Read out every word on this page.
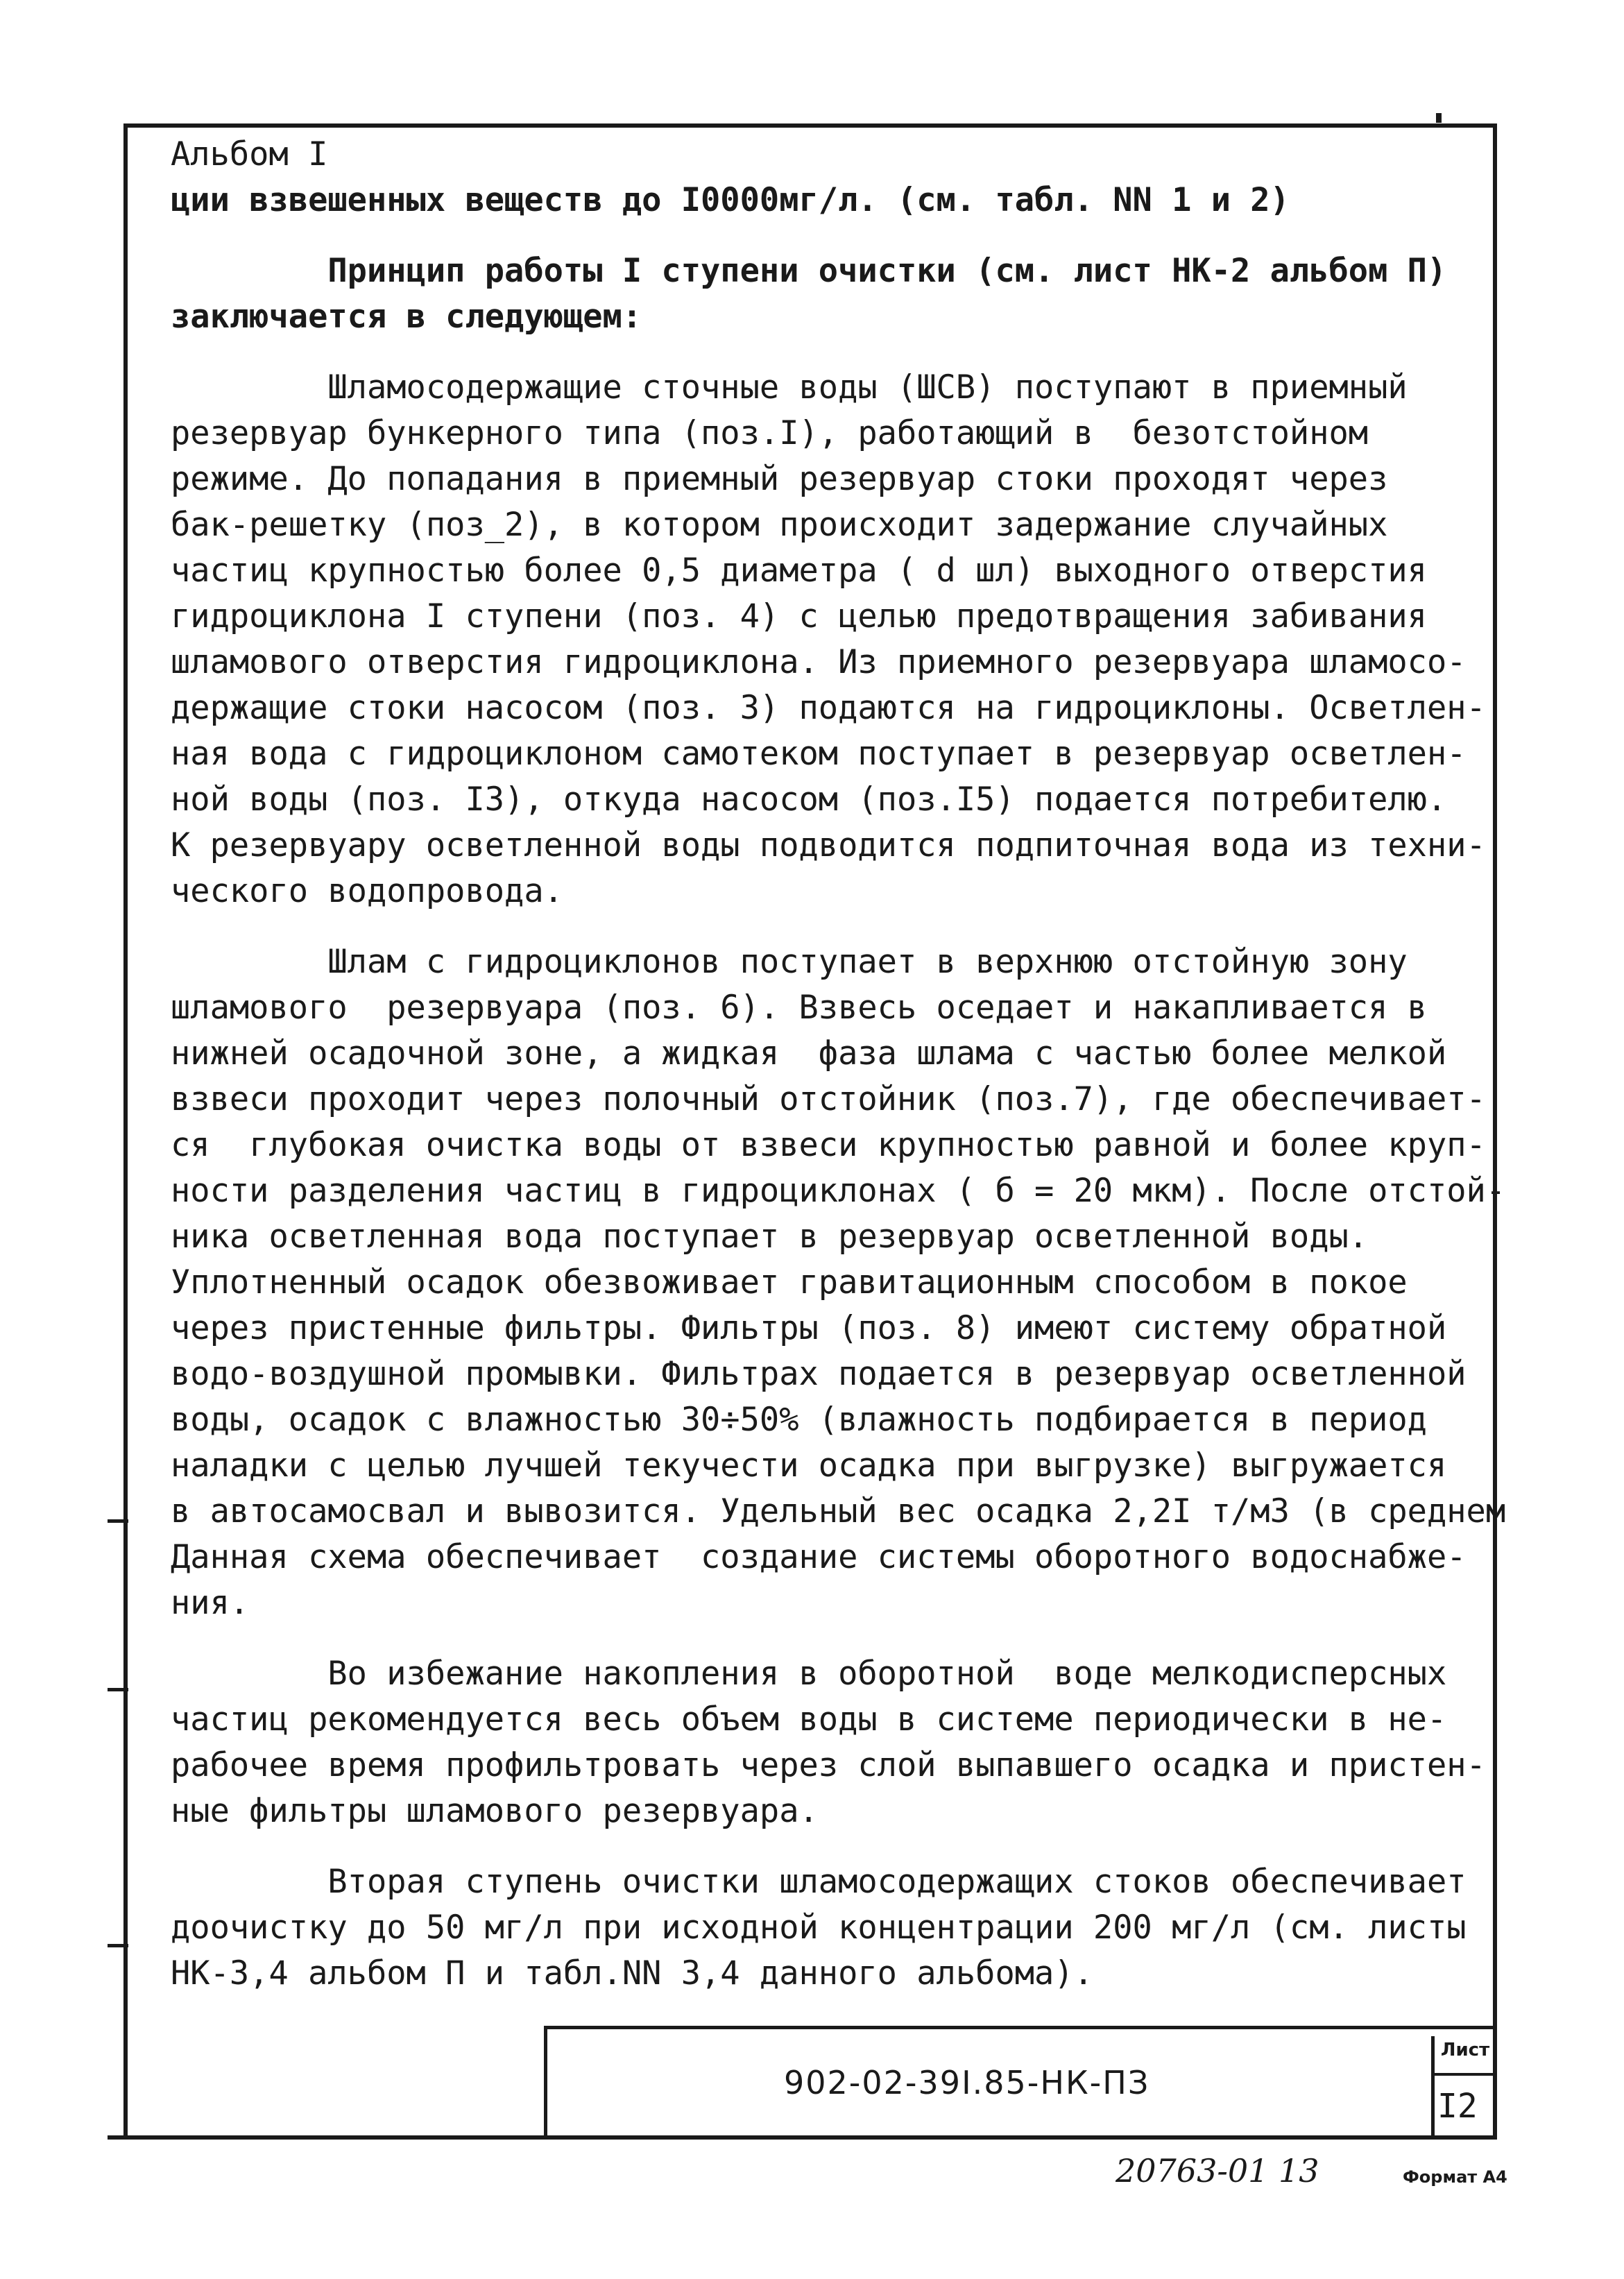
Альбом I
ции взвешенных веществ до I0000мг/л. (см. табл. NN 1 и 2)
Принцип работы I ступени очистки (см. лист НК-2 альбом П)
заключается в следующем:
Шламосодержащие сточные воды (ШСВ) поступают в приемный
резервуар бункерного типа (поз.I), работающий в  безотстойном
режиме. До попадания в приемный резервуар стоки проходят через
бак-решетку (поз_2), в котором происходит задержание случайных
частиц крупностью более 0,5 диаметра ( d шл) выходного отверстия
гидроциклона I ступени (поз. 4) с целью предотвращения забивания
шламового отверстия гидроциклона. Из приемного резервуара шламосо-
держащие стоки насосом (поз. 3) подаются на гидроциклоны. Осветлен-
ная вода с гидроциклоном самотеком поступает в резервуар осветлен-
ной воды (поз. I3), откуда насосом (поз.I5) подается потребителю.
К резервуару осветленной воды подводится подпиточная вода из техни-
ческого водопровода.
Шлам с гидроциклонов поступает в верхнюю отстойную зону
шламового  резервуара (поз. 6). Взвесь оседает и накапливается в
нижней осадочной зоне, а жидкая  фаза шлама с частью более мелкой
взвеси проходит через полочный отстойник (поз.7), где обеспечивает-
ся  глубокая очистка воды от взвеси крупностью равной и более круп-
ности разделения частиц в гидроциклонах ( б = 20 мкм). После отстой-
ника осветленная вода поступает в резервуар осветленной воды.
Уплотненный осадок обезвоживает гравитационным способом в покое
через пристенные фильтры. Фильтры (поз. 8) имеют систему обратной
водо-воздушной промывки. Фильтрах подается в резервуар осветленной
воды, осадок с влажностью 30÷50% (влажность подбирается в период
наладки с целью лучшей текучести осадка при выгрузке) выгружается
в автосамосвал и вывозится. Удельный вес осадка 2,2I т/м3 (в среднем
Данная схема обеспечивает  создание системы оборотного водоснабже-
ния.
Во избежание накопления в оборотной  воде мелкодисперсных
частиц рекомендуется весь объем воды в системе периодически в не-
рабочее время профильтровать через слой выпавшего осадка и пристен-
ные фильтры шламового резервуара.
Вторая ступень очистки шламосодержащих стоков обеспечивает
доочистку до 50 мг/л при исходной концентрации 200 мг/л (см. листы
НК-3,4 альбом П и табл.NN 3,4 данного альбома).
902-02-39I.85-НК-ПЗ
Лист
I2
20763-01 13	Формат А4
